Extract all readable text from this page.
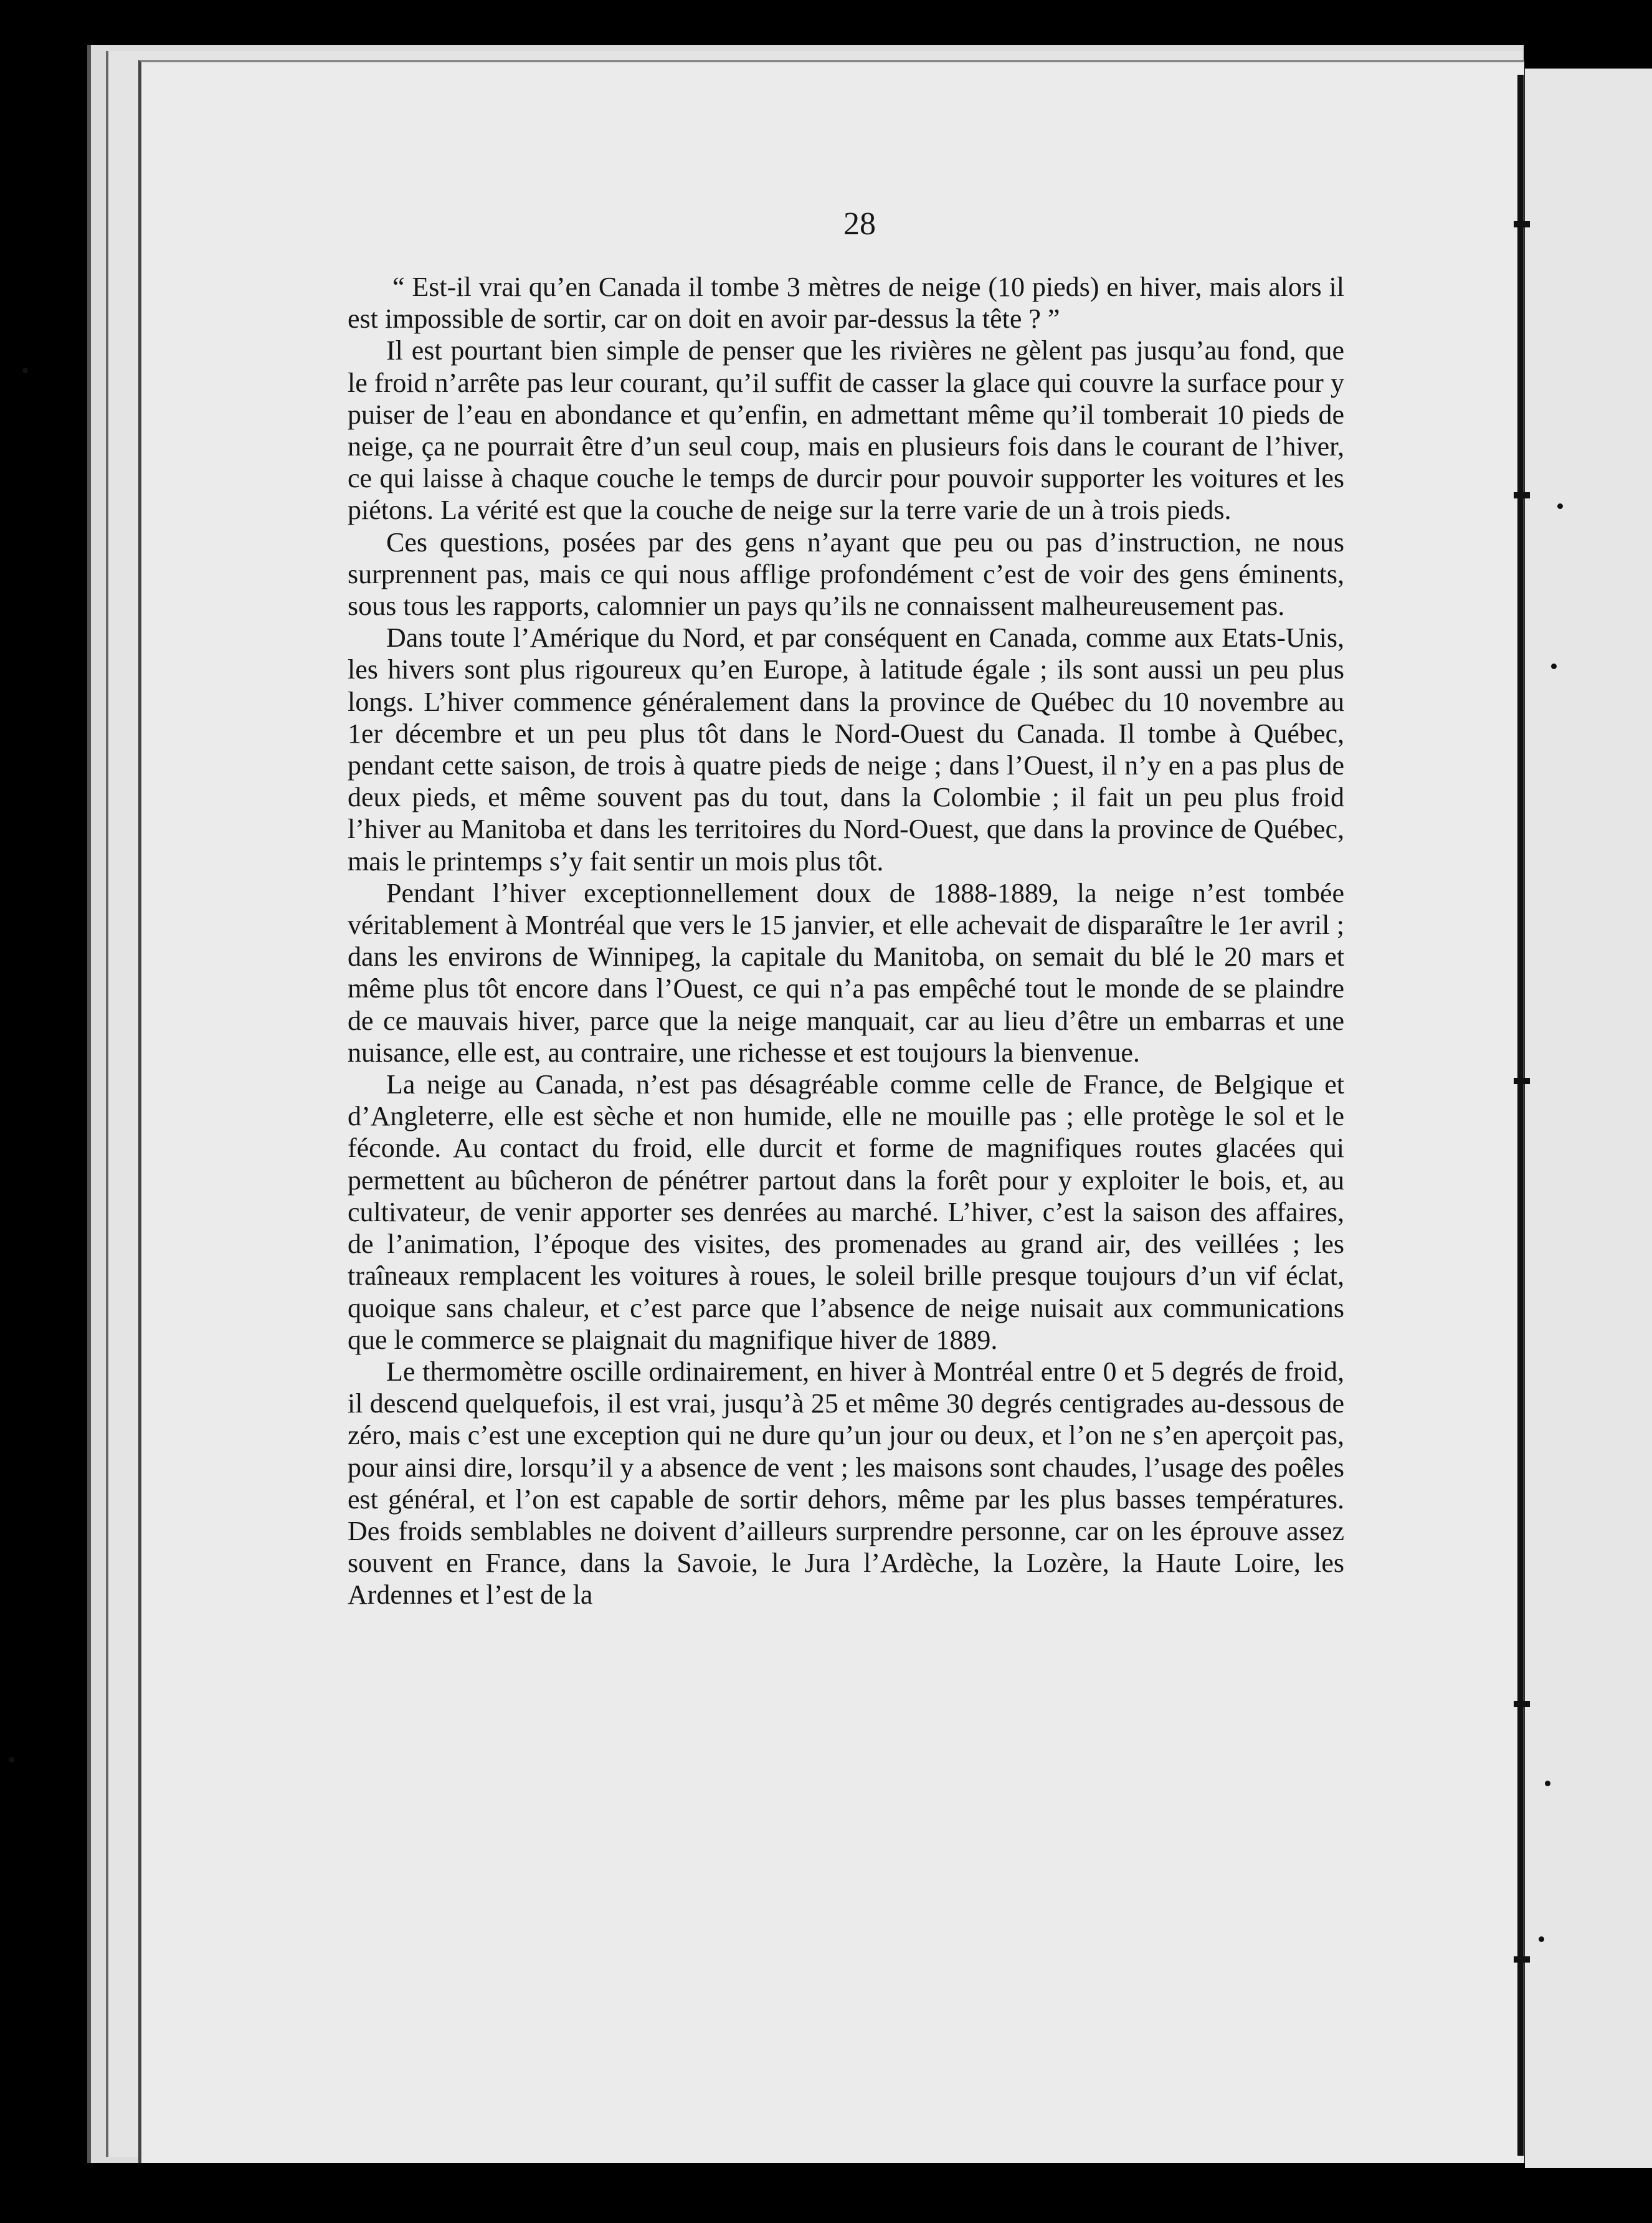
28

“ Est-il vrai qu’en Canada il tombe 3 mètres de neige (10 pieds) en hiver, mais alors il est impossible de sortir, car on doit en avoir par-dessus la tête ? ”

Il est pourtant bien simple de penser que les rivières ne gèlent pas jusqu’au fond, que le froid n’arrête pas leur courant, qu’il suffit de casser la glace qui couvre la surface pour y puiser de l’eau en abondance et qu’enfin, en admettant même qu’il tomberait 10 pieds de neige, ça ne pourrait être d’un seul coup, mais en plusieurs fois dans le courant de l’hiver, ce qui laisse à chaque couche le temps de durcir pour pouvoir supporter les voitures et les piétons. La vérité est que la couche de neige sur la terre varie de un à trois pieds.

Ces questions, posées par des gens n’ayant que peu ou pas d’instruction, ne nous surprennent pas, mais ce qui nous afflige profondément c’est de voir des gens éminents, sous tous les rapports, calomnier un pays qu’ils ne connaissent malheureusement pas.

Dans toute l’Amérique du Nord, et par conséquent en Canada, comme aux Etats-Unis, les hivers sont plus rigoureux qu’en Europe, à latitude égale ; ils sont aussi un peu plus longs. L’hiver commence généralement dans la province de Québec du 10 novembre au 1er décembre et un peu plus tôt dans le Nord-Ouest du Canada. Il tombe à Québec, pendant cette saison, de trois à quatre pieds de neige ; dans l’Ouest, il n’y en a pas plus de deux pieds, et même souvent pas du tout, dans la Colombie ; il fait un peu plus froid l’hiver au Manitoba et dans les territoires du Nord-Ouest, que dans la province de Québec, mais le printemps s’y fait sentir un mois plus tôt.

Pendant l’hiver exceptionnellement doux de 1888-1889, la neige n’est tombée véritablement à Montréal que vers le 15 janvier, et elle achevait de disparaître le 1er avril ; dans les environs de Winnipeg, la capitale du Manitoba, on semait du blé le 20 mars et même plus tôt encore dans l’Ouest, ce qui n’a pas empêché tout le monde de se plaindre de ce mauvais hiver, parce que la neige manquait, car au lieu d’être un embarras et une nuisance, elle est, au contraire, une richesse et est toujours la bienvenue.

La neige au Canada, n’est pas désagréable comme celle de France, de Belgique et d’Angleterre, elle est sèche et non humide, elle ne mouille pas ; elle protège le sol et le féconde. Au contact du froid, elle durcit et forme de magnifiques routes glacées qui permettent au bûcheron de pénétrer partout dans la forêt pour y exploiter le bois, et, au cultivateur, de venir apporter ses denrées au marché. L’hiver, c’est la saison des affaires, de l’animation, l’époque des visites, des promenades au grand air, des veillées ; les traîneaux remplacent les voitures à roues, le soleil brille presque toujours d’un vif éclat, quoique sans chaleur, et c’est parce que l’absence de neige nuisait aux communications que le commerce se plaignait du magnifique hiver de 1889.

Le thermomètre oscille ordinairement, en hiver à Montréal entre 0 et 5 degrés de froid, il descend quelquefois, il est vrai, jusqu’à 25 et même 30 degrés centigrades au-dessous de zéro, mais c’est une exception qui ne dure qu’un jour ou deux, et l’on ne s’en aperçoit pas, pour ainsi dire, lorsqu’il y a absence de vent ; les maisons sont chaudes, l’usage des poêles est général, et l’on est capable de sortir dehors, même par les plus basses températures. Des froids semblables ne doivent d’ailleurs surprendre personne, car on les éprouve assez souvent en France, dans la Savoie, le Jura l’Ardèche, la Lozère, la Haute Loire, les Ardennes et l’est de la
